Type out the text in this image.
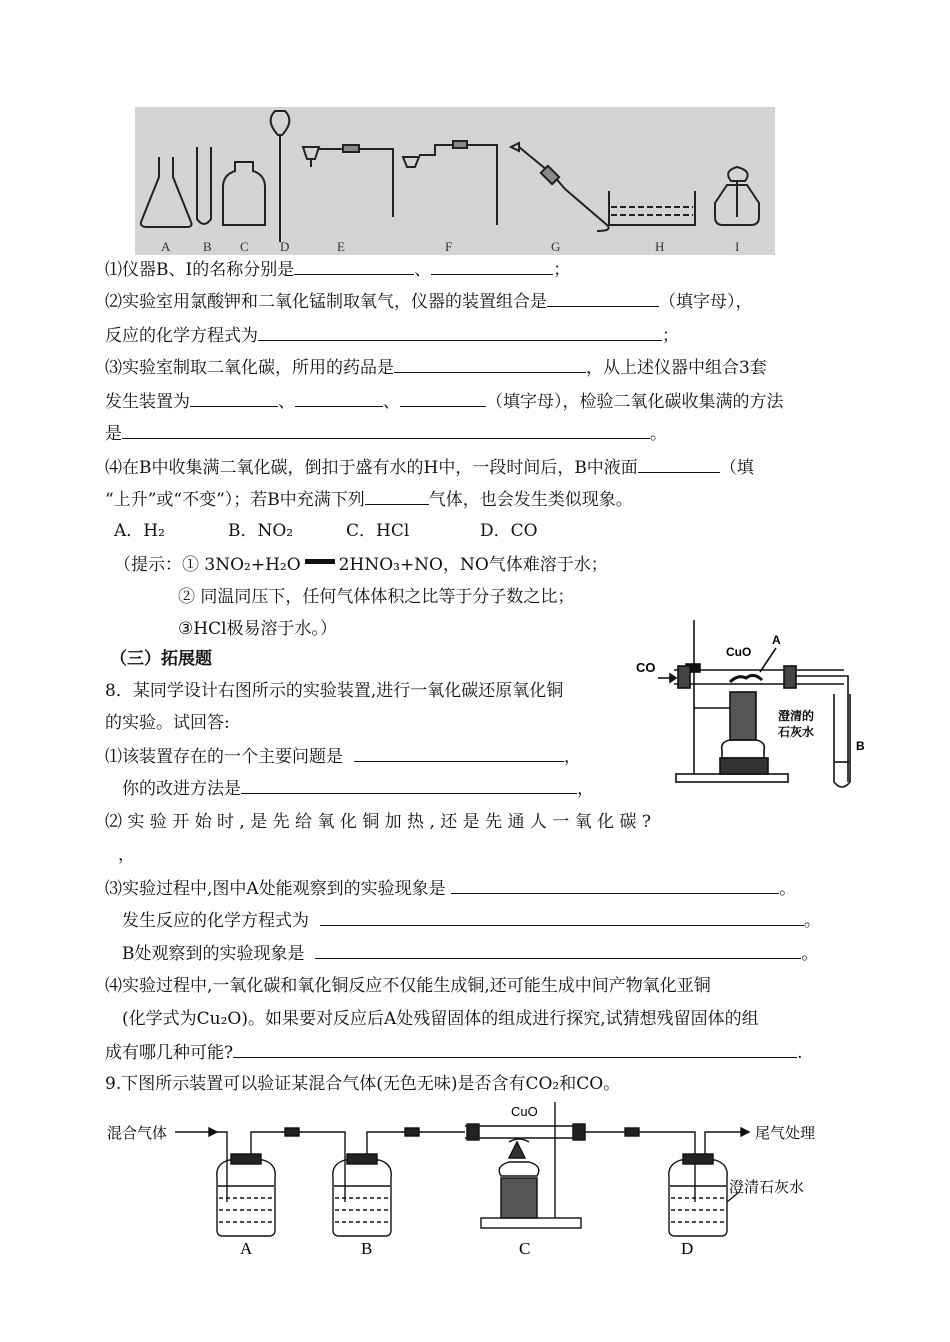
A	B C D	E	F	G	H	I
⑴仪器B、I的名称分别是	、	；
⑵实验室用氯酸钾和二氧化锰制取氧气，仪器的装置组合是	（填字母），
反应的化学方程式为	；
⑶实验室制取二氧化碳，所用的药品是	，从上述仪器中组合3套
发生装置为	、	、	（填字母），检验二氧化碳收集满的方法
是	。
⑷在B中收集满二氧化碳，倒扣于盛有水的H中，一段时间后，B中液面	（填
“上升”或“不变”）；若B中充满下列	气体，也会发生类似现象。
A．H₂	B．NO₂	C．HCl	D．CO
（提示：① 3NO₂+H₂O 2HNO₃+NO，NO气体难溶于水；
② 同温同压下，任何气体体积之比等于分子数之比；
③HCl极易溶于水。）
（三）拓展题
8．某同学设计右图所示的实验装置,进行一氧化碳还原氧化铜
的实验。试回答:
⑴该装置存在的一个主要问题是	，
你的改进方法是	，
⑵ 实 验 开 始 时 , 是 先 给 氧 化 铜 加 热 , 还 是 先 通 人 一 氧 化 碳 ?
，
⑶实验过程中,图中A处能观察到的实验现象是	。
发生反应的化学方程式为	。
B处观察到的实验现象是	。
⑷实验过程中,一氧化碳和氧化铜反应不仅能生成铜,还可能生成中间产物氧化亚铜
(化学式为Cu₂O)。如果要对反应后A处残留固体的组成进行探究,试猜想残留固体的组
成有哪几种可能?	.
9.下图所示装置可以验证某混合气体(无色无味)是否含有CO₂和CO。
CO
CuO
A
澄清的
石灰水
B
混合气体
CuO
尾气处理
澄清石灰水
A	B	C	D
